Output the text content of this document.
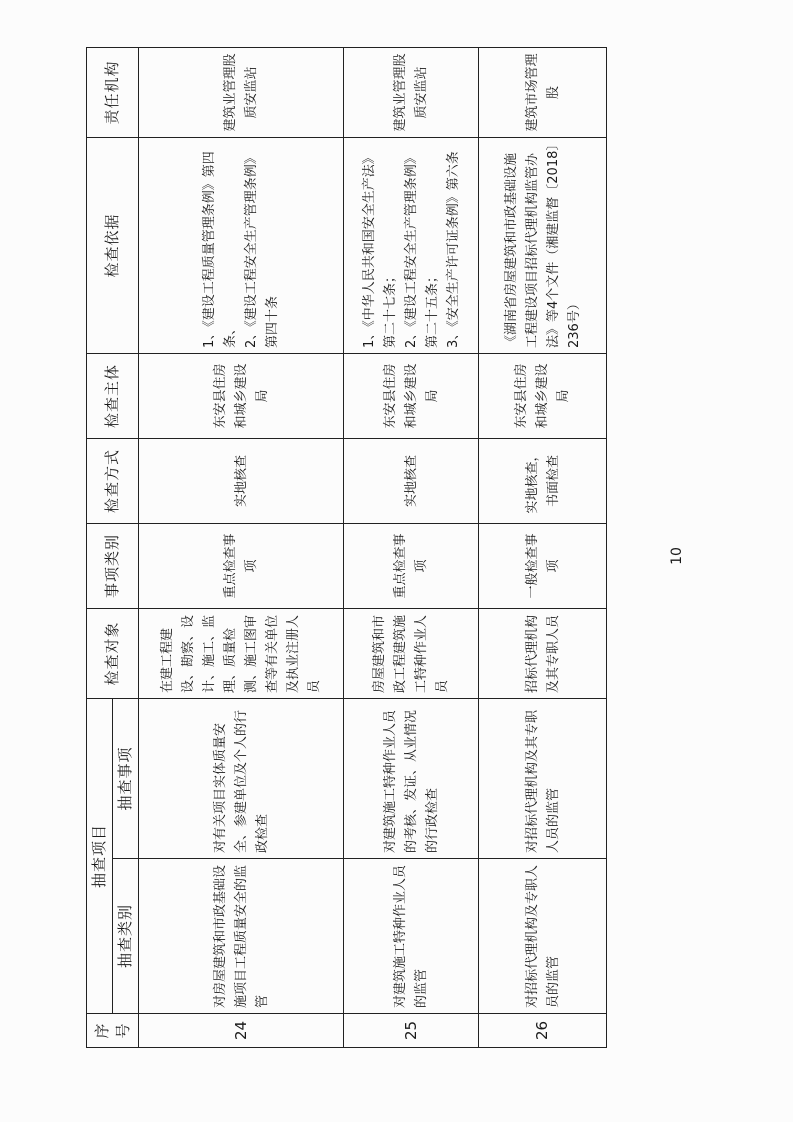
序号	抽查项目		检查对象	事项类别	检查方式	检查主体	检查依据	责任机构
	抽查类别	抽查事项						
24	对房屋建筑和市政基础设施项目工程质量安全的监管	对有关项目实体质量安全、参建单位及个人的行政检查	在建工程建设、勘察、设计、施工、监理、质量检测、施工图审查等有关单位及执业注册人员	重点检查事项	实地核查	东安县住房和城乡建设局	1、《建设工程质量管理条例》第四条、
2、《建设工程安全生产管理条例》第四十条	建筑业管理股
质安监站
25	对建筑施工特种作业人员的监管	对建筑施工特种作业人员的考核、发证、从业情况的行政检查	房屋建筑和市政工程建筑施工特种作业人员	重点检查事项	实地核查	东安县住房和城乡建设局	1、《中华人民共和国安全生产法》第二十七条；
2、《建设工程安全生产管理条例》第二十五条；
3、《安全生产许可证条例》第六条	建筑业管理股
质安监站
26	对招标代理机构及专职人员的监管	对招标代理机构及其专职人员的监管	招标代理机构及其专职人员	一般检查事项	实地核查，书面检查	东安县住房和城乡建设局	《湖南省房屋建筑和市政基础设施工程建设项目招标代理机构监管办法》等4个文件（湘建监督〔2018〕236号）	建筑市场管理股
10
